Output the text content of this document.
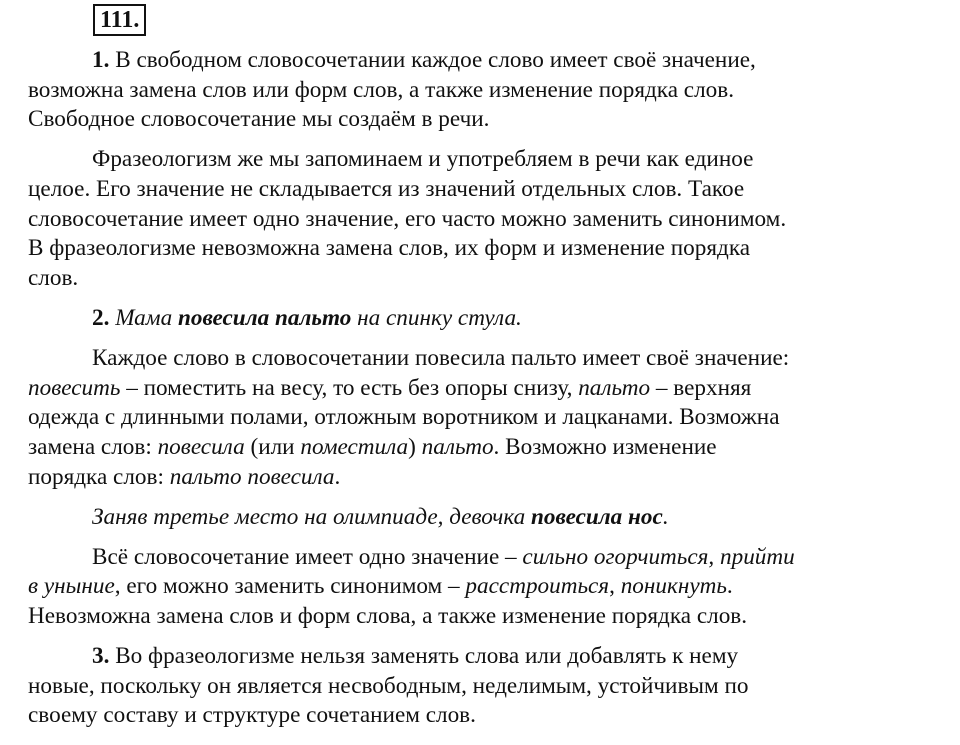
111.

1. В свободном словосочетании каждое слово имеет своё значение,
возможна замена слов или форм слов, а также изменение порядка слов.
Свободное словосочетание мы создаём в речи.

Фразеологизм же мы запоминаем и употребляем в речи как единое
целое. Его значение не складывается из значений отдельных слов. Такое
словосочетание имеет одно значение, его часто можно заменить синонимом.
В фразеологизме невозможна замена слов, их форм и изменение порядка
слов.

2. Мама повесила пальто на спинку стула.

Каждое слово в словосочетании повесила пальто имеет своё значение:
повесить – поместить на весу, то есть без опоры снизу, пальто – верхняя
одежда с длинными полами, отложным воротником и лацканами. Возможна
замена слов: повесила (или поместила) пальто. Возможно изменение
порядка слов: пальто повесила.

Заняв третье место на олимпиаде, девочка повесила нос.

Всё словосочетание имеет одно значение – сильно огорчиться, прийти
в уныние, его можно заменить синонимом – расстроиться, поникнуть.
Невозможна замена слов и форм слова, а также изменение порядка слов.

3. Во фразеологизме нельзя заменять слова или добавлять к нему
новые, поскольку он является несвободным, неделимым, устойчивым по
своему составу и структуре сочетанием слов.
